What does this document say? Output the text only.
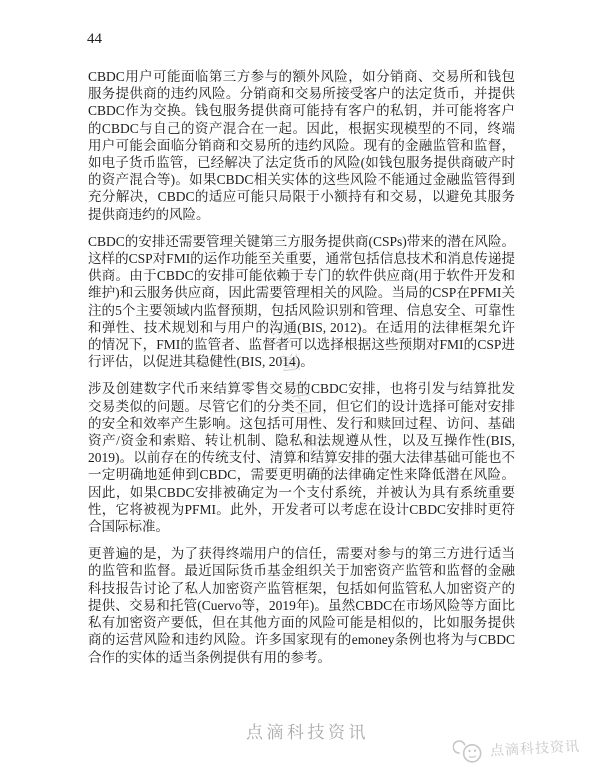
44
点滴科技资讯

CBDC用户可能面临第三方参与的额外风险，如分销商、交易所和钱包服务提供商的违约风险。分销商和交易所接受客户的法定货币，并提供CBDC作为交换。钱包服务提供商可能持有客户的私钥，并可能将客户的CBDC与自己的资产混合在一起。因此，根据实现模型的不同，终端用户可能会面临分销商和交易所的违约风险。现有的金融监管和监督，如电子货币监管，已经解决了法定货币的风险(如钱包服务提供商破产时的资产混合等)。如果CBDC相关实体的这些风险不能通过金融监管得到充分解决，CBDC的适应可能只局限于小额持有和交易，以避免其服务提供商违约的风险。

CBDC的安排还需要管理关键第三方服务提供商(CSPs)带来的潜在风险。这样的CSP对FMI的运作功能至关重要，通常包括信息技术和消息传递提供商。由于CBDC的安排可能依赖于专门的软件供应商(用于软件开发和维护)和云服务供应商，因此需要管理相关的风险。当局的CSP在PFMI关注的5个主要领域内监督预期，包括风险识别和管理、信息安全、可靠性和弹性、技术规划和与用户的沟通(BIS, 2012)。在适用的法律框架允许的情况下，FMI的监管者、监督者可以选择根据这些预期对FMI的CSP进行评估，以促进其稳健性(BIS, 2014)。

涉及创建数字代币来结算零售交易的CBDC安排，也将引发与结算批发交易类似的问题。尽管它们的分类不同，但它们的设计选择可能对安排的安全和效率产生影响。这包括可用性、发行和赎回过程、访问、基础资产/资金和索赔、转让机制、隐私和法规遵从性，以及互操作性(BIS, 2019)。以前存在的传统支付、清算和结算安排的强大法律基础可能也不一定明确地延伸到CBDC，需要更明确的法律确定性来降低潜在风险。因此，如果CBDC安排被确定为一个支付系统，并被认为具有系统重要性，它将被视为PFMI。此外，开发者可以考虑在设计CBDC安排时更符合国际标准。

更普遍的是，为了获得终端用户的信任，需要对参与的第三方进行适当的监管和监督。最近国际货币基金组织关于加密资产监管和监督的金融科技报告讨论了私人加密资产监管框架，包括如何监管私人加密资产的提供、交易和托管(Cuervo等，2019年)。虽然CBDC在市场风险等方面比私有加密资产要低，但在其他方面的风险可能是相似的，比如服务提供商的运营风险和违约风险。许多国家现有的emoney条例也将为与CBDC合作的实体的适当条例提供有用的参考。

点滴科技资讯
点滴科技资讯
